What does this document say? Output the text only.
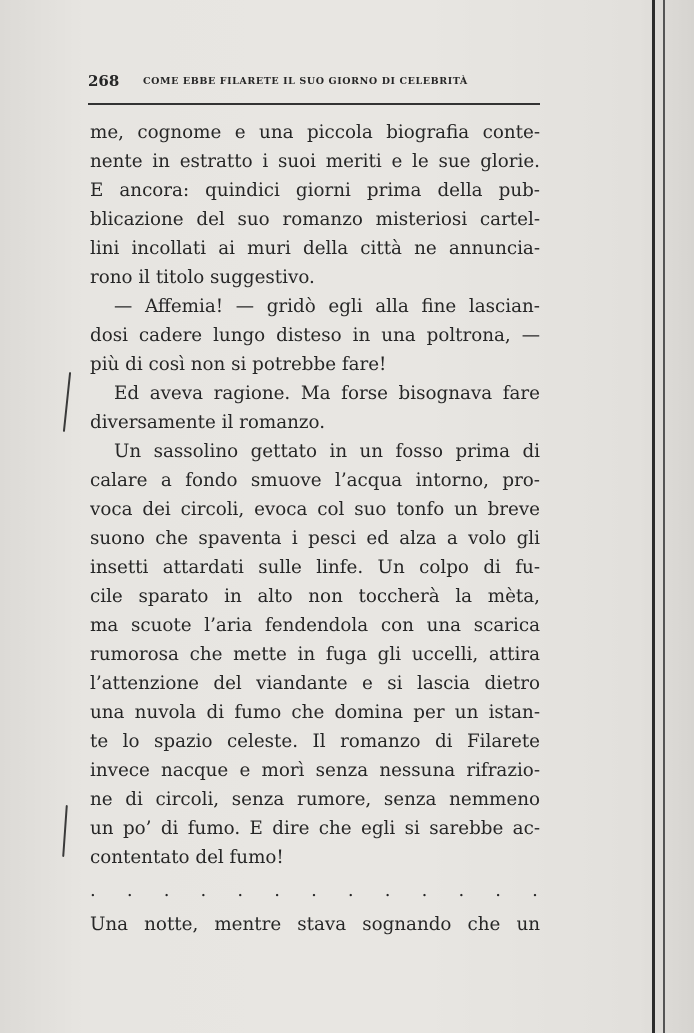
268 COME EBBE FILARETE IL SUO GIORNO DI CELEBRITÀ
me, cognome e una piccola biografia conte-
nente in estratto i suoi meriti e le sue glorie.
E ancora: quindici giorni prima della pub-
blicazione del suo romanzo misteriosi cartel-
lini incollati ai muri della città ne annuncia-
rono il titolo suggestivo.
— Affemia! — gridò egli alla fine lascian-
dosi cadere lungo disteso in una poltrona, —
più di così non si potrebbe fare!
Ed aveva ragione. Ma forse bisognava fare
diversamente il romanzo.
Un sassolino gettato in un fosso prima di
calare a fondo smuove l’acqua intorno, pro-
voca dei circoli, evoca col suo tonfo un breve
suono che spaventa i pesci ed alza a volo gli
insetti attardati sulle linfe. Un colpo di fu-
cile sparato in alto non toccherà la mèta,
ma scuote l’aria fendendola con una scarica
rumorosa che mette in fuga gli uccelli, attira
l’attenzione del viandante e si lascia dietro
una nuvola di fumo che domina per un istan-
te lo spazio celeste. Il romanzo di Filarete
invece nacque e morì senza nessuna rifrazio-
ne di circoli, senza rumore, senza nemmeno
un po’ di fumo. E dire che egli si sarebbe ac-
contentato del fumo!
. . . . . . . . . . . . .
Una notte, mentre stava sognando che un
